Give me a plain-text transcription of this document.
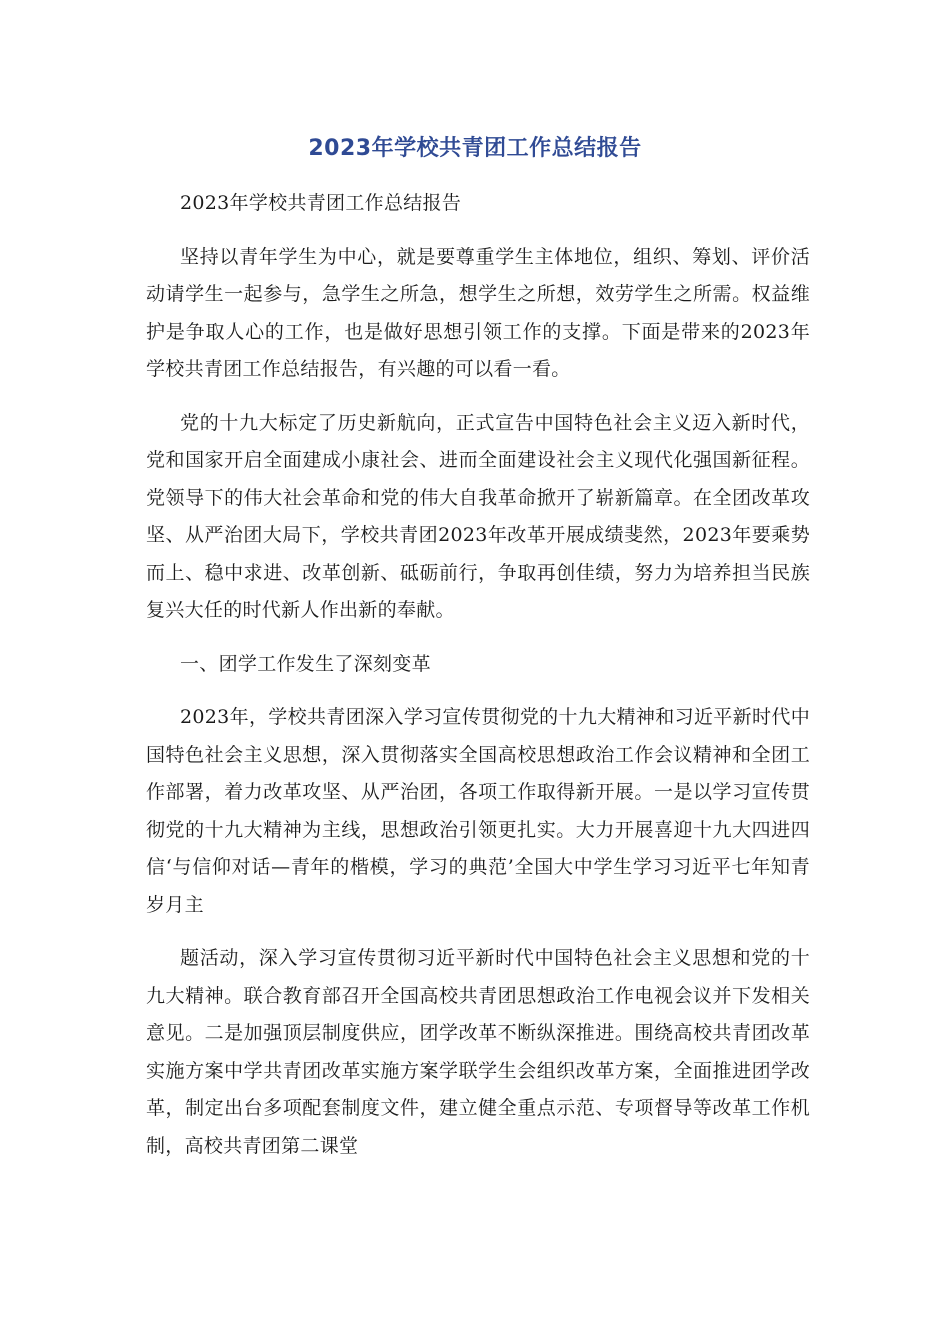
2023年学校共青团工作总结报告

2023年学校共青团工作总结报告

坚持以青年学生为中心，就是要尊重学生主体地位，组织、筹划、评价活动请学生一起参与，急学生之所急，想学生之所想，效劳学生之所需。权益维护是争取人心的工作，也是做好思想引领工作的支撑。下面是带来的2023年学校共青团工作总结报告，有兴趣的可以看一看。

党的十九大标定了历史新航向，正式宣告中国特色社会主义迈入新时代，党和国家开启全面建成小康社会、进而全面建设社会主义现代化强国新征程。党领导下的伟大社会革命和党的伟大自我革命掀开了崭新篇章。在全团改革攻坚、从严治团大局下，学校共青团2023年改革开展成绩斐然，2023年要乘势而上、稳中求进、改革创新、砥砺前行，争取再创佳绩，努力为培养担当民族复兴大任的时代新人作出新的奉献。

一、团学工作发生了深刻变革

2023年，学校共青团深入学习宣传贯彻党的十九大精神和习近平新时代中国特色社会主义思想，深入贯彻落实全国高校思想政治工作会议精神和全团工作部署，着力改革攻坚、从严治团，各项工作取得新开展。一是以学习宣传贯彻党的十九大精神为主线，思想政治引领更扎实。大力开展喜迎十九大四进四信‘与信仰对话—青年的楷模，学习的典范’全国大中学生学习习近平七年知青岁月主

题活动，深入学习宣传贯彻习近平新时代中国特色社会主义思想和党的十九大精神。联合教育部召开全国高校共青团思想政治工作电视会议并下发相关意见。二是加强顶层制度供应，团学改革不断纵深推进。围绕高校共青团改革实施方案中学共青团改革实施方案学联学生会组织改革方案，全面推进团学改革，制定出台多项配套制度文件，建立健全重点示范、专项督导等改革工作机制，高校共青团第二课堂
